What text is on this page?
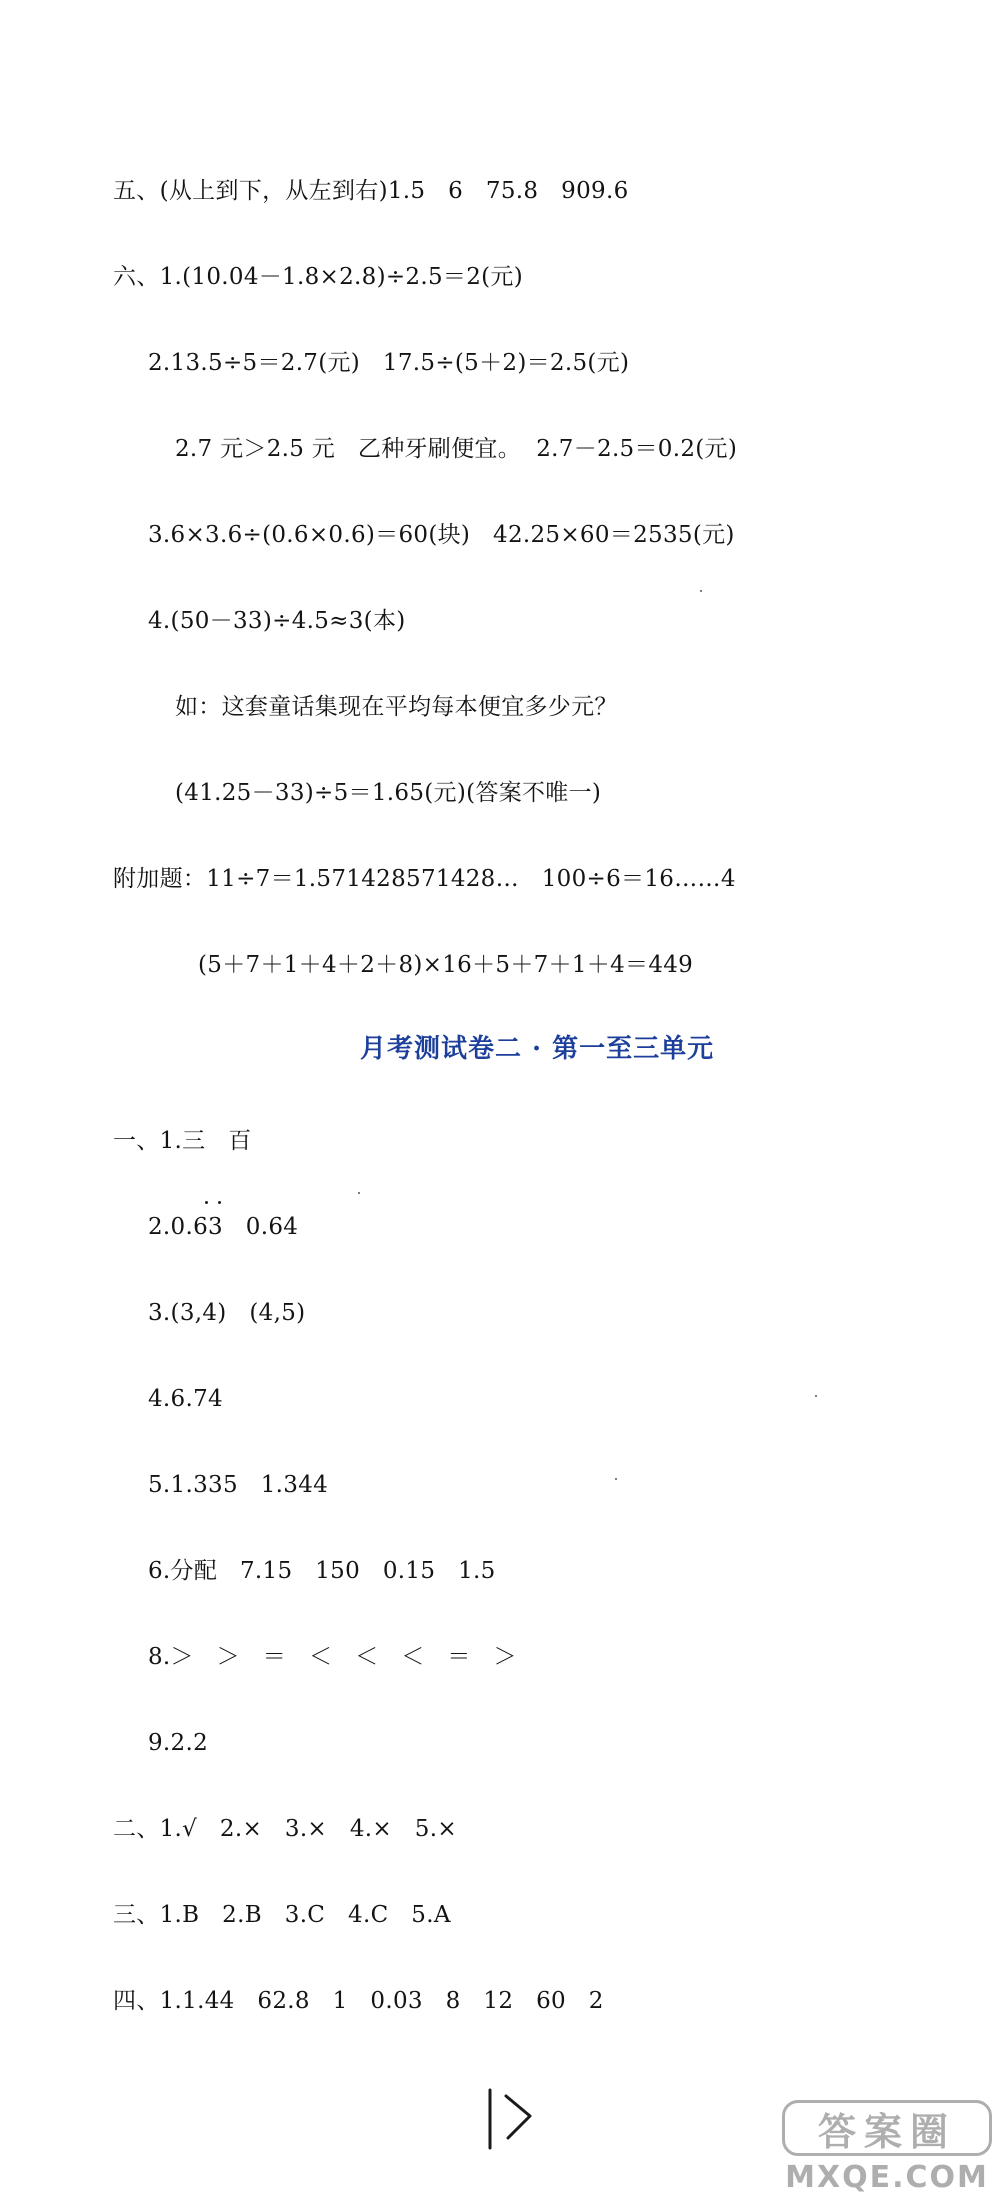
五、(从上到下，从左到右)1.5   6   75.8   909.6
六、1.(10.04－1.8×2.8)÷2.5＝2(元)
2.13.5÷5＝2.7(元)   17.5÷(5＋2)＝2.5(元)
2.7 元＞2.5 元   乙种牙刷便宜。  2.7－2.5＝0.2(元)
3.6×3.6÷(0.6×0.6)＝60(块)   42.25×60＝2535(元)
4.(50－33)÷4.5≈3(本)
如：这套童话集现在平均每本便宜多少元？
(41.25－33)÷5＝1.65(元)(答案不唯一)
附加题：11÷7＝1.571428571428…   100÷6＝16……4
(5＋7＋1＋4＋2＋8)×16＋5＋7＋1＋4＝449
月考测试卷二 · 第一至三单元
一、1.三   百
2.0.63   0.64
3.(3,4)   (4,5)
4.6.74
5.1.335   1.344
6.分配   7.15   150   0.15   1.5
8.＞   ＞   ＝   ＜   ＜   ＜   ＝   ＞
9.2.2
二、1.√   2.×   3.×   4.×   5.×
三、1.B   2.B   3.C   4.C   5.A
四、1.1.44   62.8   1   0.03   8   12   60   2
答案圈
MXQE.COM
